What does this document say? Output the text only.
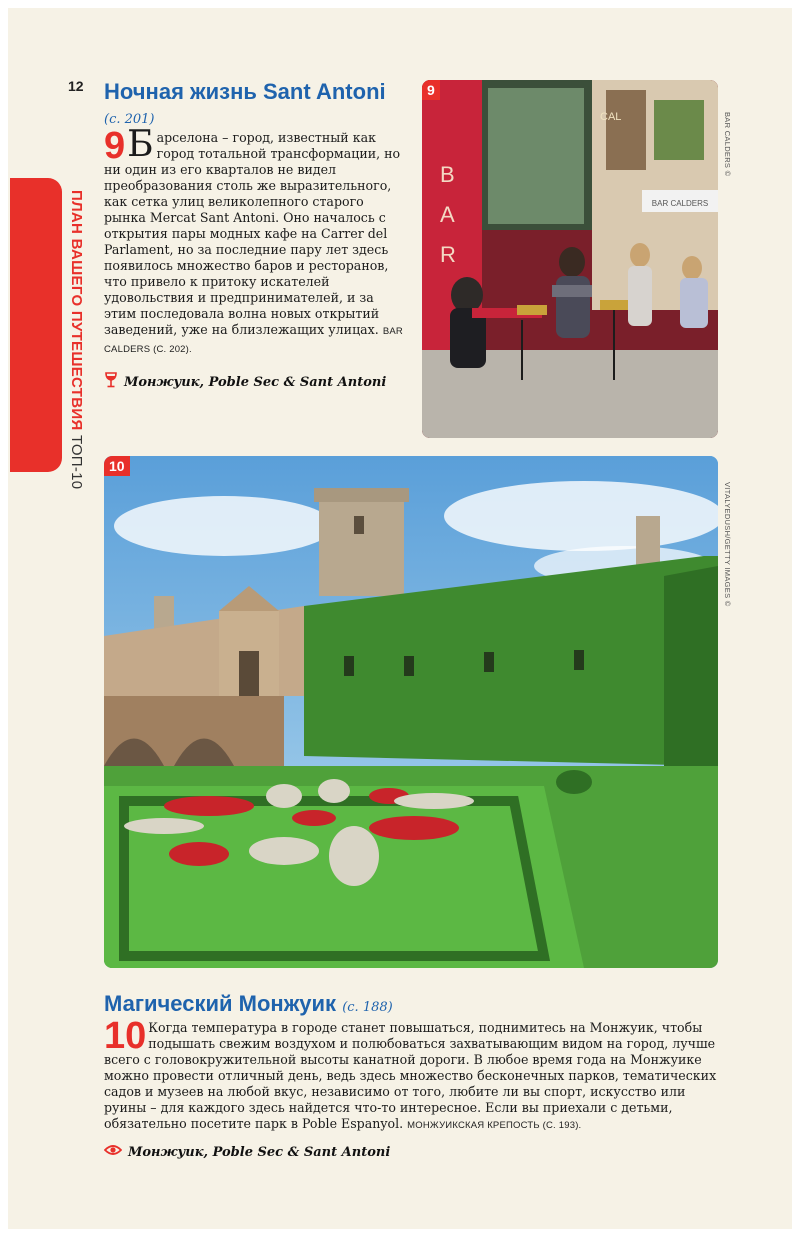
12
ПЛАН ВАШЕГО ПУТЕШЕСТВИЯ ТОП-10
Ночная жизнь Sant Antoni (с. 201)
9 Б арселона – город, известный как город тотальной трансформации, но ни один из его кварталов не видел преобразования столь же выразительного, как сетка улиц великолепного старого рынка Mercat Sant Antoni. Оно началось с открытия пары модных кафе на Carrer del Parlament, но за последние пару лет здесь появилось множество баров и ресторанов, что привело к притоку искателей удовольствия и предпринимателей, и за этим последовала волна новых открытий заведений, уже на близлежащих улицах. BAR CALDERS (С. 202).
Монжуик, Poble Sec & Sant Antoni
BAR CALDERS
CAL
B
A
R
9
BAR CALDERS ©
10
VITALYEDUSH/GETTY IMAGES ©
Магический Монжуик (с. 188)
10 Когда температура в городе станет повышаться, поднимитесь на Монжуик, чтобы подышать свежим воздухом и полюбоваться захватывающим видом на город, лучше всего с головокружительной высоты канатной дороги. В любое время года на Монжуике можно провести отличный день, ведь здесь множество бесконечных парков, тематических садов и музеев на любой вкус, независимо от того, любите ли вы спорт, искусство или руины – для каждого здесь найдется что-то интересное. Если вы приехали с детьми, обязательно посетите парк в Poble Espanyol. МОНЖУИКСКАЯ КРЕПОСТЬ (С. 193).
Монжуик, Poble Sec & Sant Antoni
